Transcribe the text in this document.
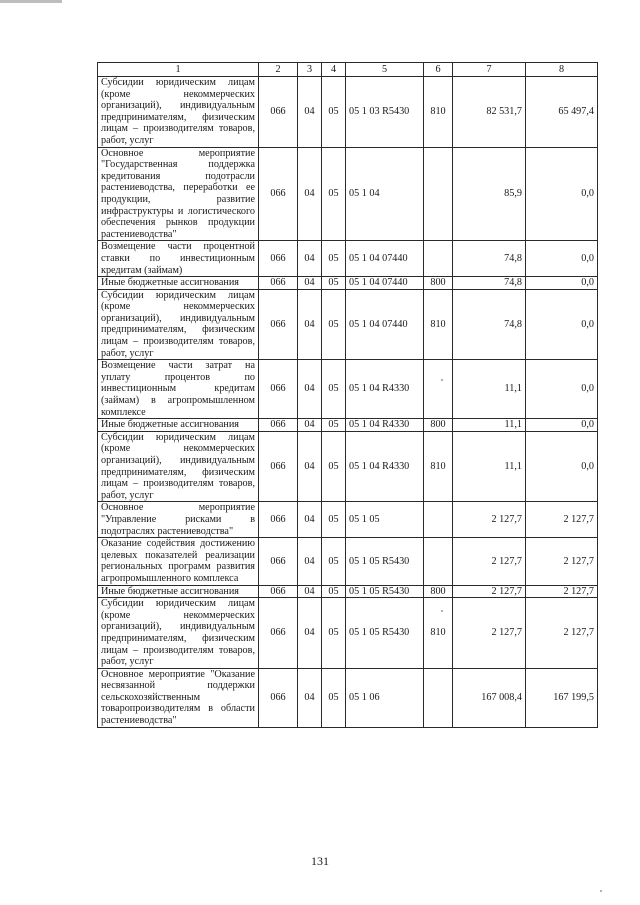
1	2	3	4	5	6	7	8
Субсидии юридическим лицам (кроме некоммерческих организаций), индивидуальным предпринимателям, физическим лицам – производителям товаров, работ, услуг	066	04	05	05 1 03 R5430	810	82 531,7	65 497,4
Основное мероприятие "Государственная поддержка кредитования подотрасли растениеводства, переработки ее продукции, развитие инфраструктуры и логистического обеспечения рынков продукции растениеводства"	066	04	05	05 1 04		85,9	0,0
Возмещение части процентной ставки по инвестиционным кредитам (займам)	066	04	05	05 1 04 07440		74,8	0,0
Иные бюджетные ассигнования	066	04	05	05 1 04 07440	800	74,8	0,0
Субсидии юридическим лицам (кроме некоммерческих организаций), индивидуальным предпринимателям, физическим лицам – производителям товаров, работ, услуг	066	04	05	05 1 04 07440	810	74,8	0,0
Возмещение части затрат на уплату процентов по инвестиционным кредитам (займам) в агропромышленном комплексе	066	04	05	05 1 04 R4330		11,1	0,0
Иные бюджетные ассигнования	066	04	05	05 1 04 R4330	800	11,1	0,0
Субсидии юридическим лицам (кроме некоммерческих организаций), индивидуальным предпринимателям, физическим лицам – производителям товаров, работ, услуг	066	04	05	05 1 04 R4330	810	11,1	0,0
Основное мероприятие "Управление рисками в подотраслях растениеводства"	066	04	05	05 1 05		2 127,7	2 127,7
Оказание содействия достижению целевых показателей реализации региональных программ развития агропромышленного комплекса	066	04	05	05 1 05 R5430		2 127,7	2 127,7
Иные бюджетные ассигнования	066	04	05	05 1 05 R5430	800	2 127,7	2 127,7
Субсидии юридическим лицам (кроме некоммерческих организаций), индивидуальным предпринимателям, физическим лицам – производителям товаров, работ, услуг	066	04	05	05 1 05 R5430	810	2 127,7	2 127,7
Основное мероприятие "Оказание несвязанной поддержки сельскохозяйственным товаропроизводителям в области растениеводства"	066	04	05	05 1 06		167 008,4	167 199,5
131
